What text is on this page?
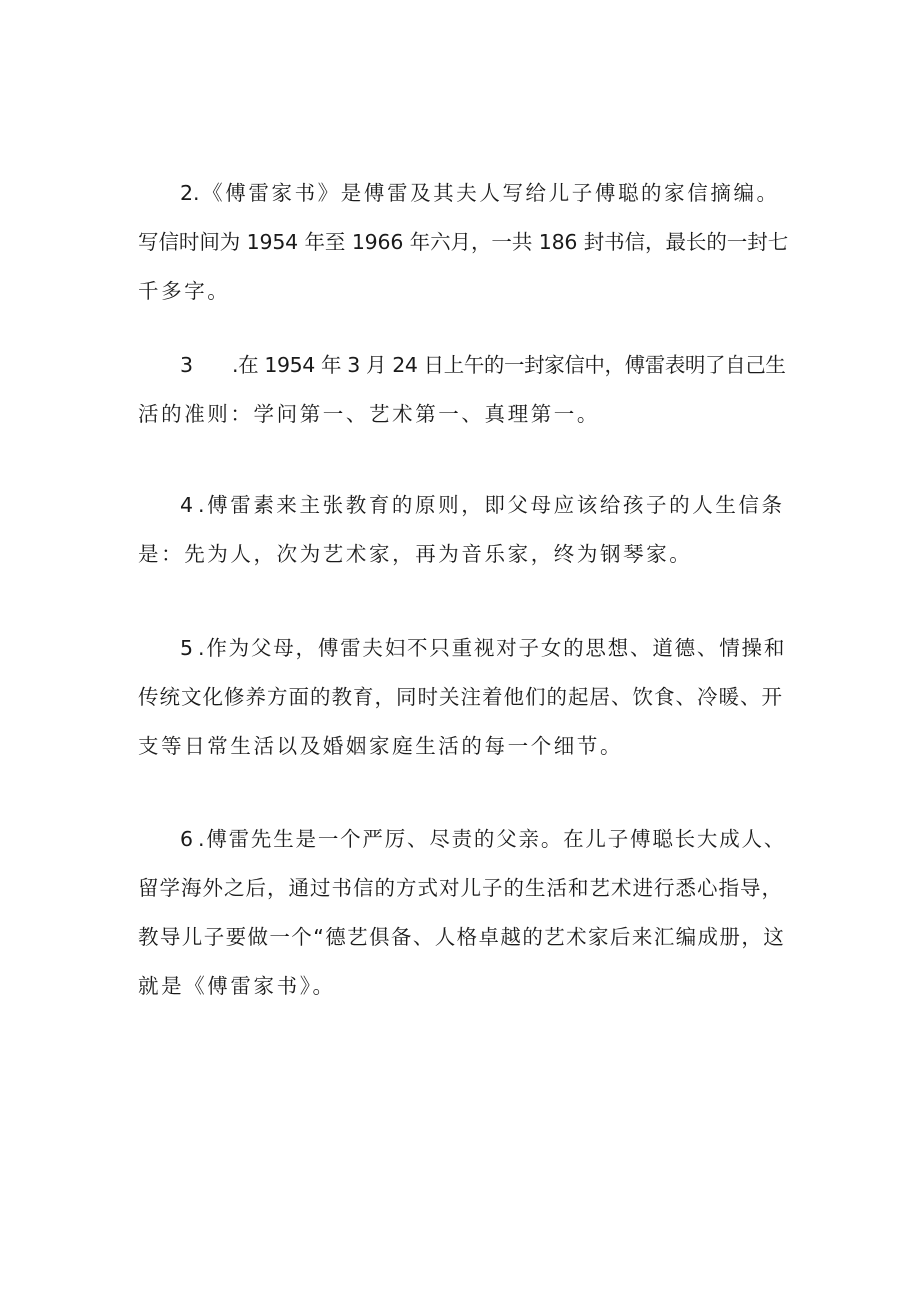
2.《傅雷家书》是傅雷及其夫人写给儿子傅聪的家信摘编。
写信时间为 1954 年至 1966 年六月，一共 186 封书信，最长的一封七
千多字。
3 .在 1954 年 3 月 24 日上午的一封家信中，傅雷表明了自己生
活的准则：学问第一、艺术第一、真理第一。
4 .傅雷素来主张教育的原则，即父母应该给孩子的人生信条
是：先为人，次为艺术家，再为音乐家，终为钢琴家。
5 .作为父母，傅雷夫妇不只重视对子女的思想、道德、情操和
传统文化修养方面的教育，同时关注着他们的起居、饮食、冷暖、开
支等日常生活以及婚姻家庭生活的每一个细节。
6 .傅雷先生是一个严厉、尽责的父亲。在儿子傅聪长大成人、
留学海外之后，通过书信的方式对儿子的生活和艺术进行悉心指导，
教导儿子要做一个“德艺俱备、人格卓越的艺术家后来汇编成册，这
就是《傅雷家书》。
